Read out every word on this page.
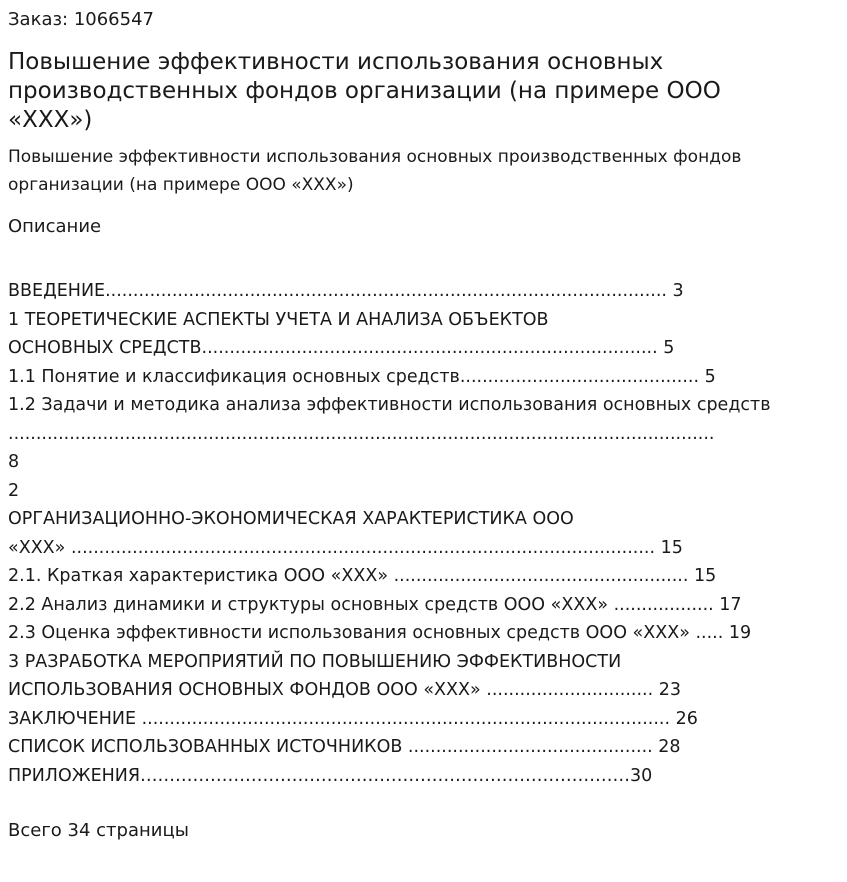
Заказ: 1066547
Повышение эффективности использования основных производственных фондов организации (на примере ООО «ХХХ»)
Повышение эффективности использования основных производственных фондов организации (на примере ООО «ХХХ»)
Описание
ВВЕДЕНИЕ..................................................................................................... 3
1 ТЕОРЕТИЧЕСКИЕ АСПЕКТЫ УЧЕТА И АНАЛИЗА ОБЪЕКТОВ
ОСНОВНЫХ СРЕДСТВ.................................................................................. 5
1.1 Понятие и классификация основных средств........................................... 5
1.2 Задачи и методика анализа эффективности использования основных средств
...............................................................................................................................
8
2
ОРГАНИЗАЦИОННО-ЭКОНОМИЧЕСКАЯ ХАРАКТЕРИСТИКА ООО
«ХХХ» ......................................................................................................... 15
2.1. Краткая характеристика ООО «ХХХ» ..................................................... 15
2.2 Анализ динамики и структуры основных средств ООО «ХХХ» .................. 17
2.3 Оценка эффективности использования основных средств ООО «ХХХ» ..... 19
3 РАЗРАБОТКА МЕРОПРИЯТИЙ ПО ПОВЫШЕНИЮ ЭФФЕКТИВНОСТИ
ИСПОЛЬЗОВАНИЯ ОСНОВНЫХ ФОНДОВ ООО «ХХХ» .............................. 23
ЗАКЛЮЧЕНИЕ ............................................................................................... 26
СПИСОК ИСПОЛЬЗОВАННЫХ ИСТОЧНИКОВ ............................................ 28
ПРИЛОЖЕНИЯ…………………………………………………………………………30
Всего 34 страницы
